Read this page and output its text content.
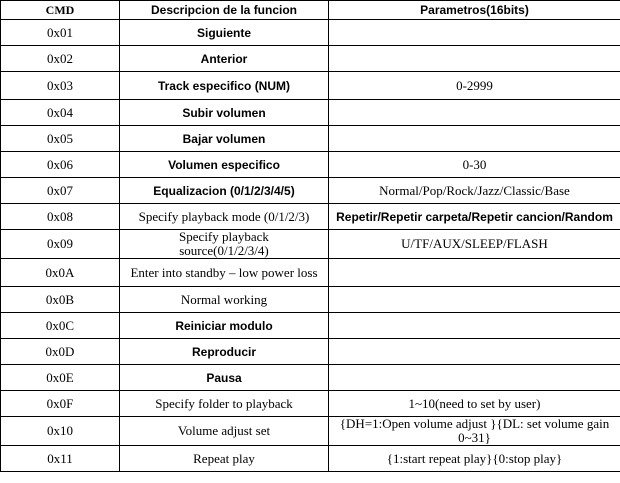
CMD	Descripcion de la funcion	Parametros(16bits)
0x01	Siguiente	
0x02	Anterior	
0x03	Track especifico (NUM)	0-2999
0x04	Subir volumen	
0x05	Bajar volumen	
0x06	Volumen especifico	0-30
0x07	Equalizacion (0/1/2/3/4/5)	Normal/Pop/Rock/Jazz/Classic/Base
0x08	Specify playback mode (0/1/2/3)	Repetir/Repetir carpeta/Repetir cancion/Random
0x09	Specify playback source(0/1/2/3/4)	U/TF/AUX/SLEEP/FLASH
0x0A	Enter into standby – low power loss	
0x0B	Normal working	
0x0C	Reiniciar modulo	
0x0D	Reproducir	
0x0E	Pausa	
0x0F	Specify folder to playback	1~10(need to set by user)
0x10	Volume adjust set	{DH=1:Open volume adjust }{DL: set volume gain 0~31}
0x11	Repeat play	{1:start repeat play}{0:stop play}
